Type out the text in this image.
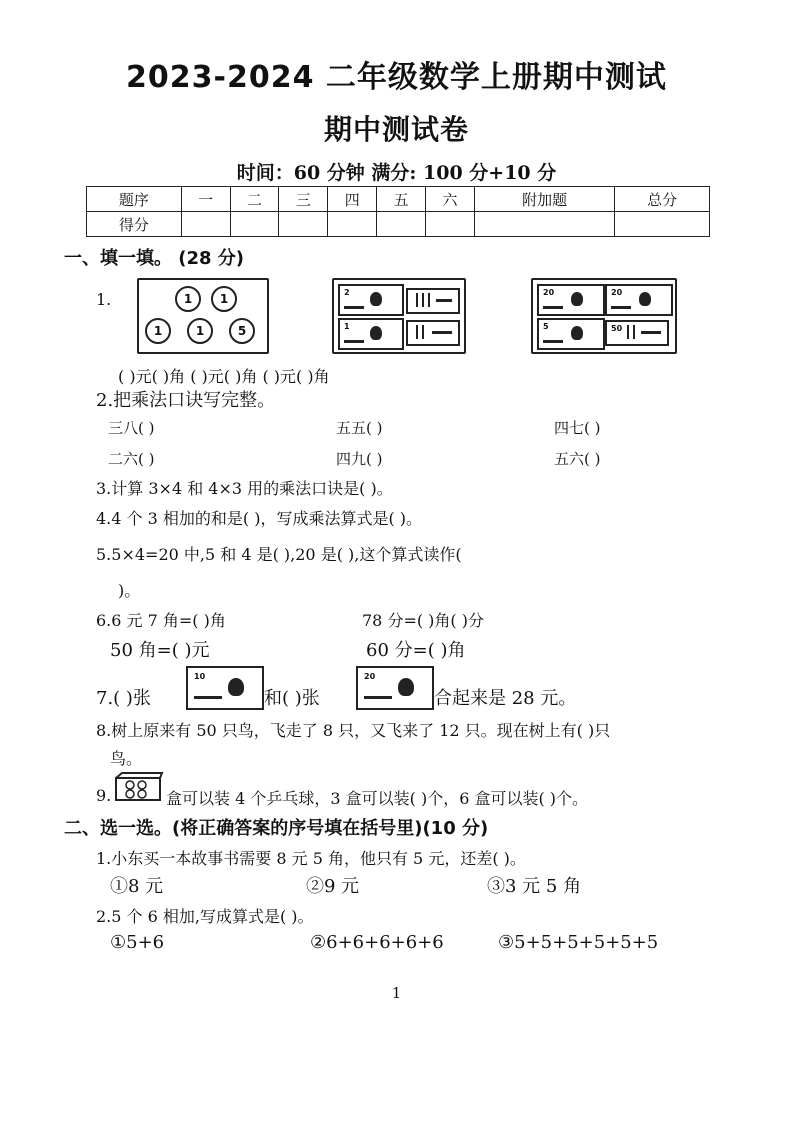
2023-2024 二年级数学上册期中测试
期中测试卷
时间：60 分钟 满分: 100 分+10 分
题序	一	二	三	四	五	六	附加题	总分
得分								
一、填一填。 (28 分)
1.	1	1
1	1	5
2
1
20	20
5	50
( )元( )角 ( )元( )角 ( )元( )角
2.把乘法口诀写完整。
三八( )	五五( )	四七( )
二六( )	四九( )	五六( )
3.计算 3×4 和 4×3 用的乘法口诀是( )。
4.4 个 3 相加的和是( )，写成乘法算式是( )。
5.5×4=20 中,5 和 4 是( ),20 是( ),这个算式读作(
)。
6.6 元 7 角=( )角	78 分=( )角( )分
50 角=( )元	60 分=( )角
7.( )张
10
和( )张
20
合起来是 28 元。
8.树上原来有 50 只鸟，飞走了 8 只，又飞来了 12 只。现在树上有( )只
鸟。
9.	盒可以装 4 个乒乓球，3 盒可以装( )个，6 盒可以装( )个。
二、选一选。(将正确答案的序号填在括号里)(10 分)
1.小东买一本故事书需要 8 元 5 角，他只有 5 元，还差( )。
①8 元	②9 元	③3 元 5 角
2.5 个 6 相加,写成算式是( )。
①5+6	②6+6+6+6+6	③5+5+5+5+5+5
1
